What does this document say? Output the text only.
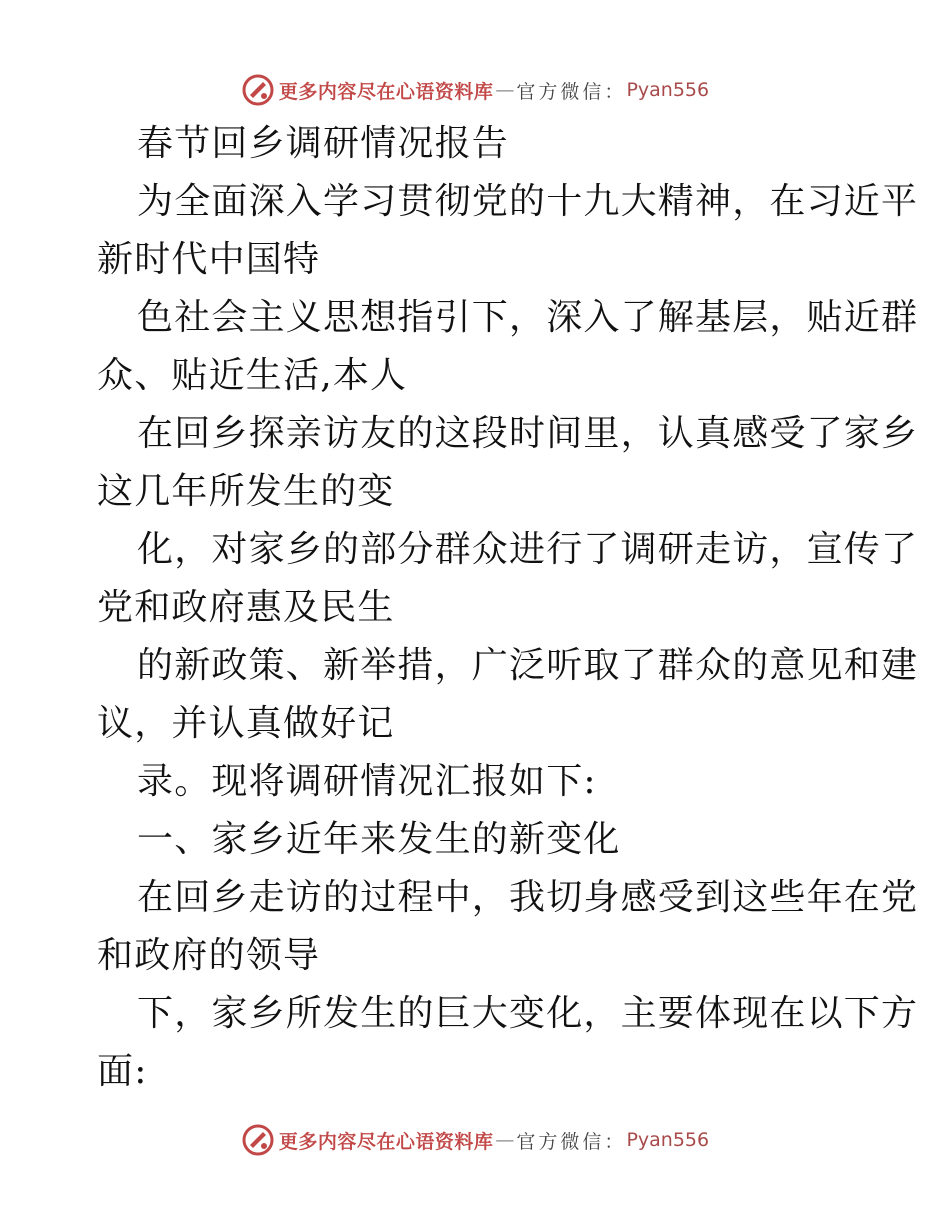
更多内容尽在心语资料库 — 官方微信： Pyan556
春节回乡调研情况报告
为全面深入学习贯彻党的十九大精神，在习近平
新时代中国特
色社会主义思想指引下，深入了解基层，贴近群
众、贴近生活,本人
在回乡探亲访友的这段时间里，认真感受了家乡
这几年所发生的变
化，对家乡的部分群众进行了调研走访，宣传了
党和政府惠及民生
的新政策、新举措，广泛听取了群众的意见和建
议，并认真做好记
录。现将调研情况汇报如下:
一、家乡近年来发生的新变化
在回乡走访的过程中，我切身感受到这些年在党
和政府的领导
下，家乡所发生的巨大变化，主要体现在以下方
面:
更多内容尽在心语资料库 — 官方微信： Pyan556
